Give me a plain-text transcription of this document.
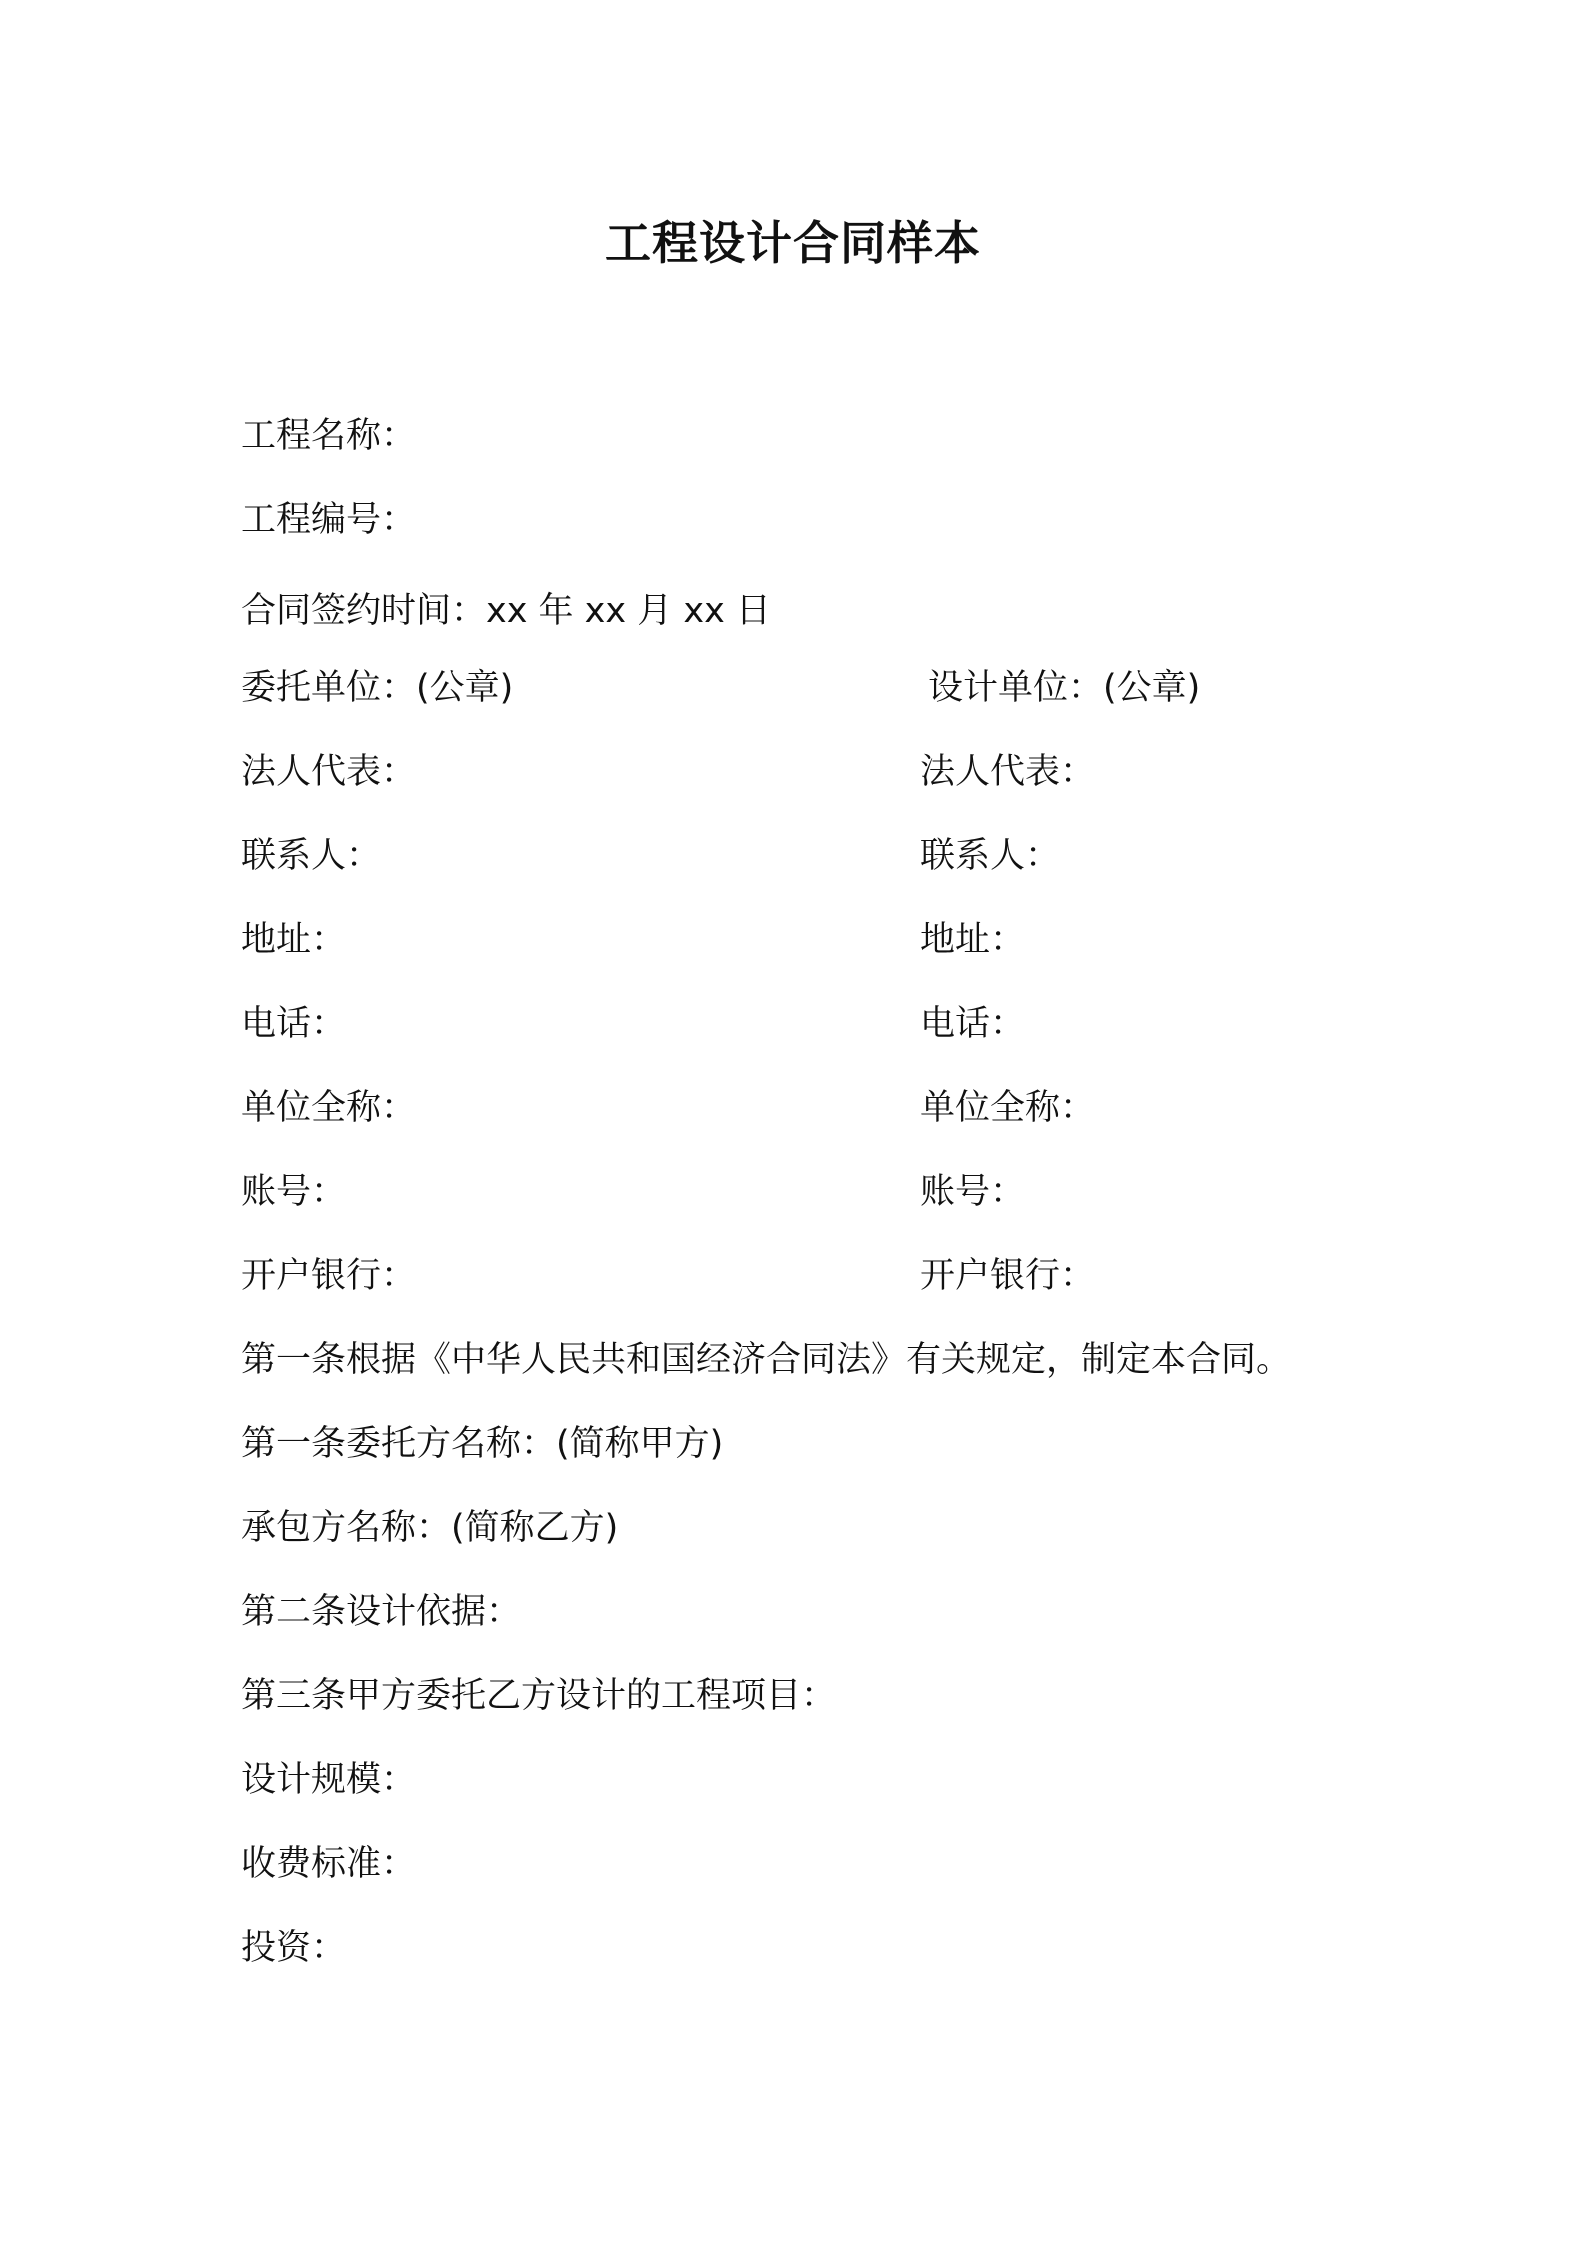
工程设计合同样本
工程名称：
工程编号：
合同签约时间：xx 年 xx 月 xx 日
委托单位：(公章)
法人代表：
联系人：
地址：
电话：
单位全称：
账号：
开户银行：
设计单位：(公章)
法人代表：
联系人：
地址：
电话：
单位全称：
账号：
开户银行：
第一条根据《中华人民共和国经济合同法》有关规定，制定本合同。
第一条委托方名称：(简称甲方)
承包方名称：(简称乙方)
第二条设计依据：
第三条甲方委托乙方设计的工程项目：
设计规模：
收费标准：
投资：
